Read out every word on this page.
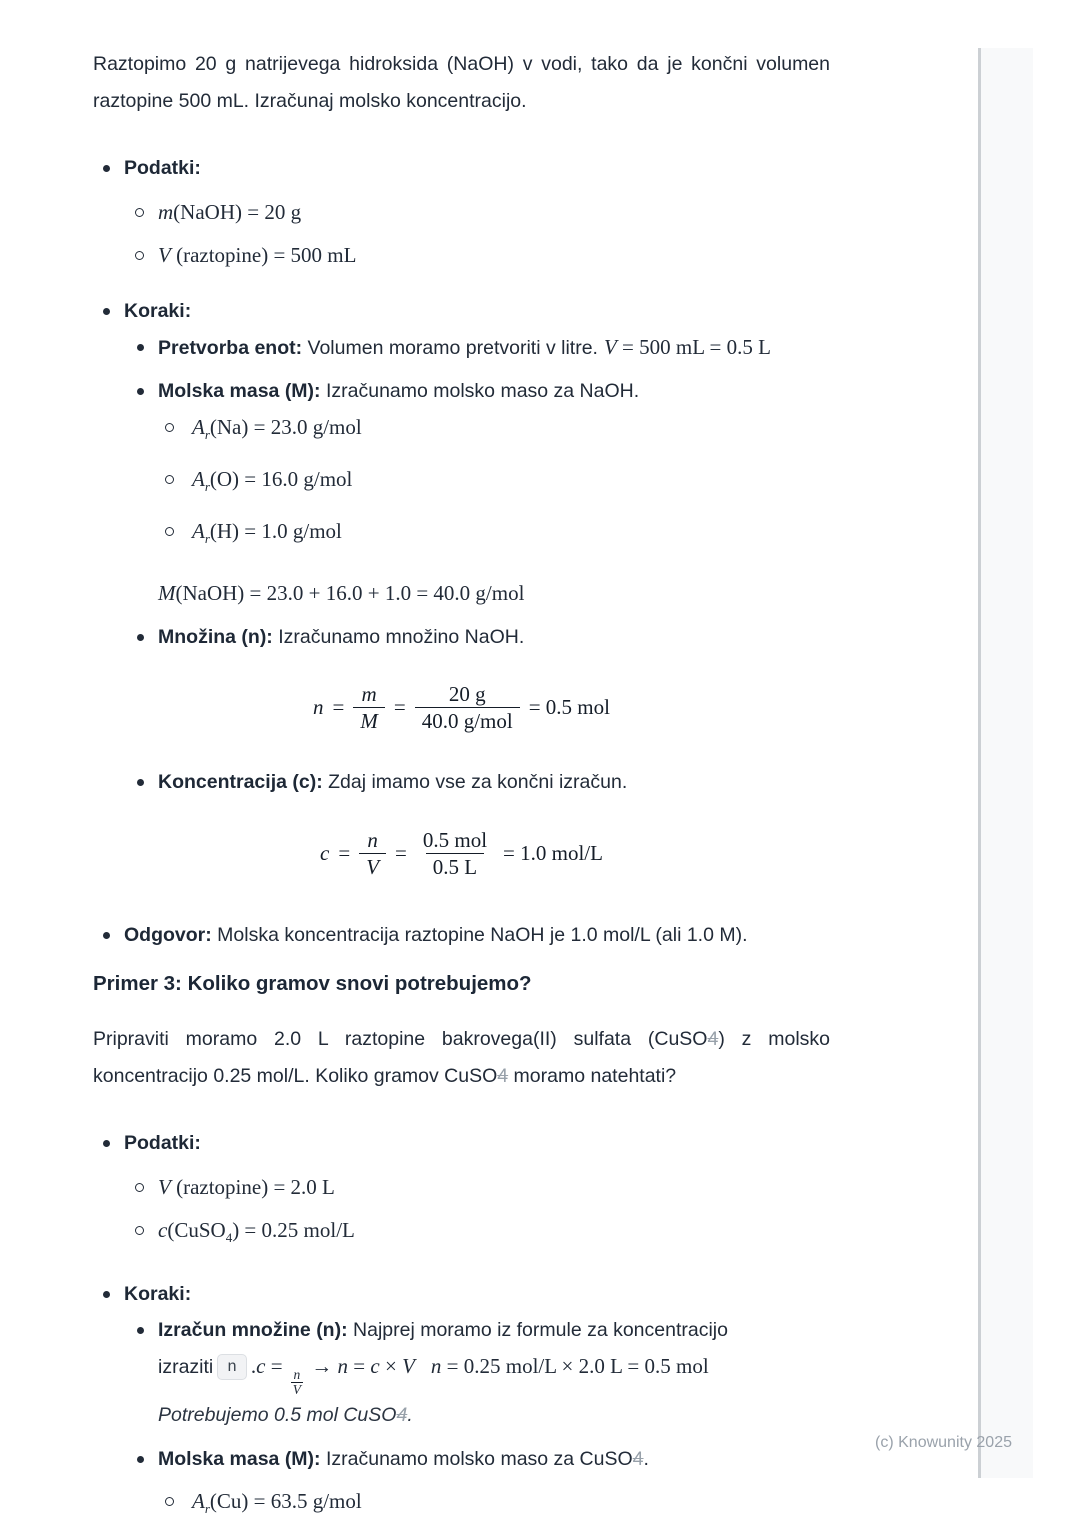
(c) Knowunity 2025

Raztopimo 20 g natrijevega hidroksida (NaOH) v vodi, tako da je končni volumen raztopine 500 mL. Izračunaj molsko koncentracijo.

Podatki:
m(NaOH) = 20 g
V (raztopine) = 500 mL
Koraki:
Pretvorba enot: Volumen moramo pretvoriti v litre. V = 500 mL = 0.5 L
Molska masa (M): Izračunamo molsko maso za NaOH.
$A_r(Na) = 23.0$ g/mol
$A_r(O) = 16.0$ g/mol
$A_r(H) = 1.0$ g/mol
M(NaOH) = 23.0 + 16.0 + 1.0 = 40.0 g/mol
Množina (n): Izračunamo množino NaOH.
$n = \frac{m}{M} = \frac{20 g}{\text{40.0 g/mol}} = 0.5$ mol
Koncentracija (c): Zdaj imamo vse za končni izračun.
$c = \frac{n}{V} = \frac{\text{0.5 mol}}{0.5 L} = 1.0$ mol/L
Odgovor: Molska koncentracija raztopine NaOH je 1.0 mol/L (ali 1.0 M).
Primer 3: Koliko gramov snovi potrebujemo?

Pripraviti moramo 2.0 L raztopine bakrovega(II) sulfata (CuSO4) z molsko koncentracijo 0.25 mol/L. Koliko gramov CuSO4 moramo natehtati?

Podatki:
V (raztopine) = 2.0 L
c(CuSO$_4$) = 0.25 mol/L
Koraki:
Izračun množine (n): Najprej moramo iz formule za koncentracijo
izraziti n .c =
$\frac{n}{V}$
→ n = c × V n = 0.25 mol/L × 2.0 L = 0.5 mol
Potrebujemo 0.5 mol CuSO4.
Molska masa (M): Izračunamo molsko maso za CuSO4.
$A_r(Cu) = 63.5$ g/mol
